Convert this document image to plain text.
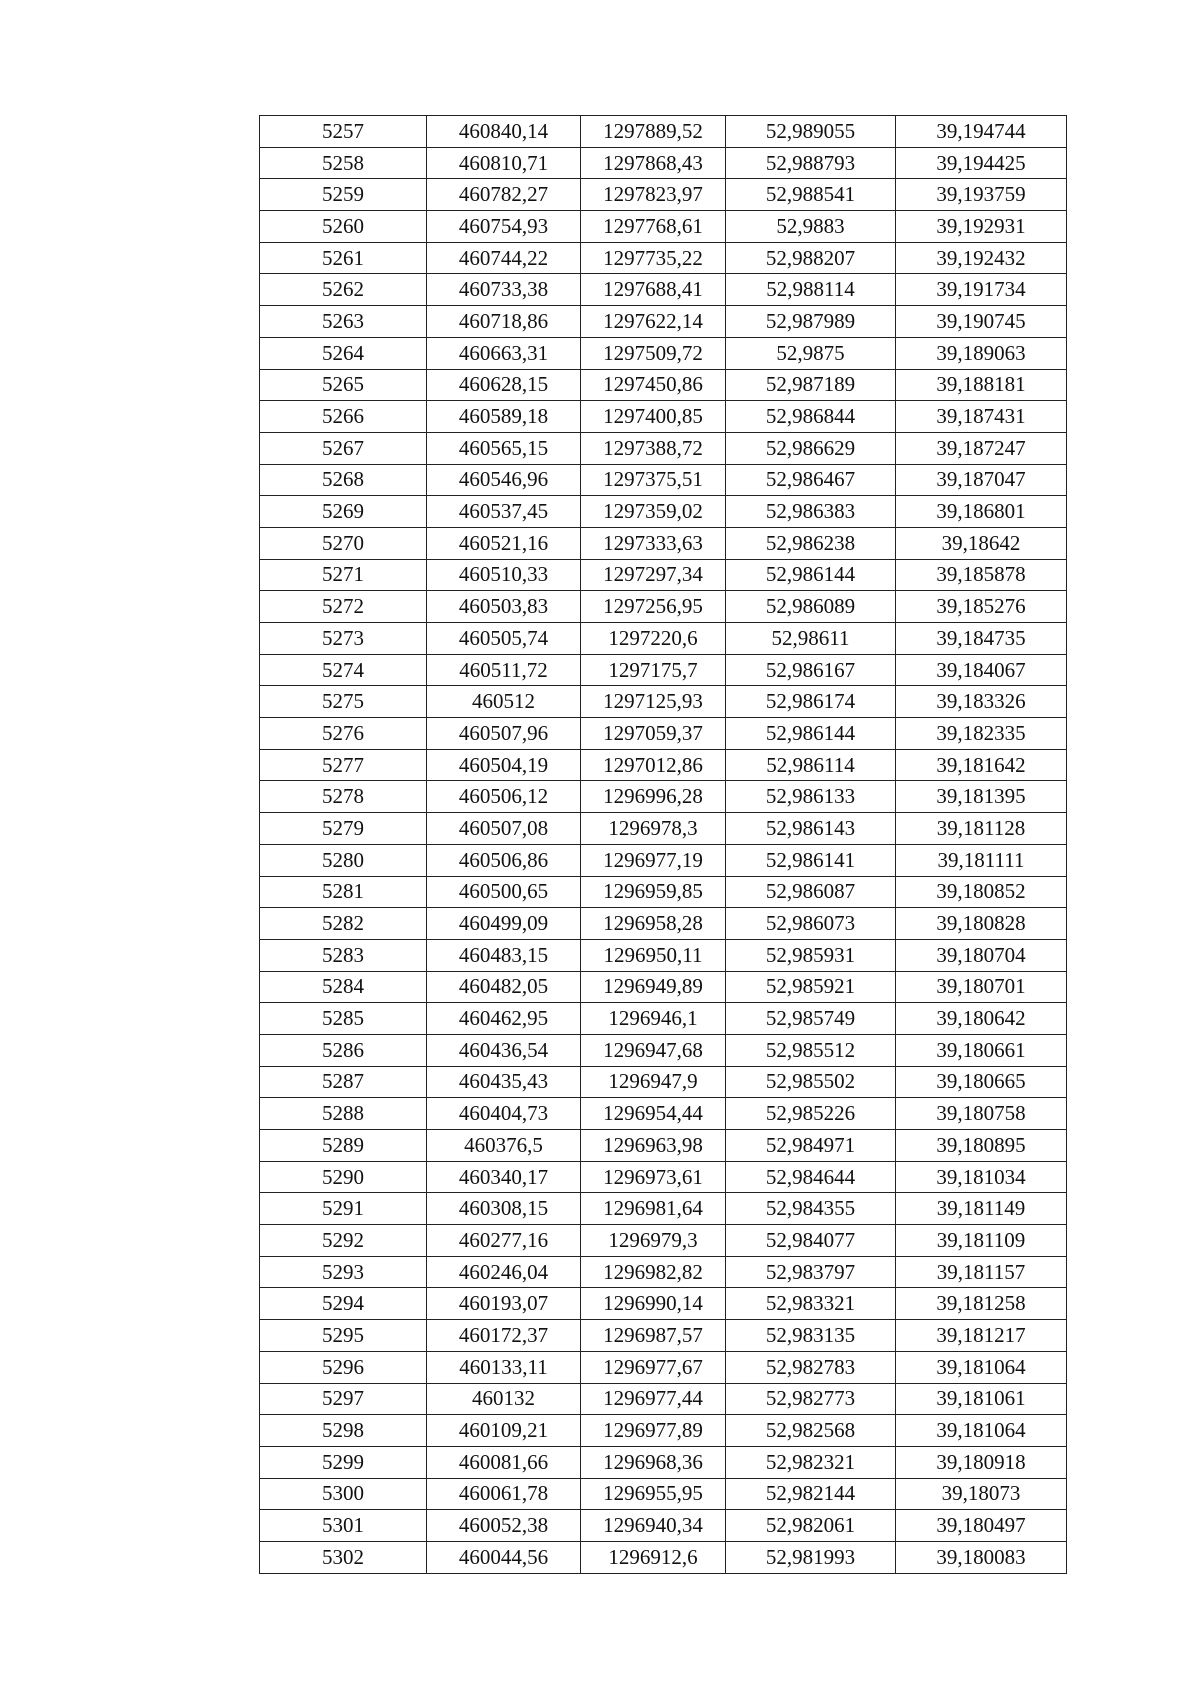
5257	460840,14	1297889,52	52,989055	39,194744
5258	460810,71	1297868,43	52,988793	39,194425
5259	460782,27	1297823,97	52,988541	39,193759
5260	460754,93	1297768,61	52,9883	39,192931
5261	460744,22	1297735,22	52,988207	39,192432
5262	460733,38	1297688,41	52,988114	39,191734
5263	460718,86	1297622,14	52,987989	39,190745
5264	460663,31	1297509,72	52,9875	39,189063
5265	460628,15	1297450,86	52,987189	39,188181
5266	460589,18	1297400,85	52,986844	39,187431
5267	460565,15	1297388,72	52,986629	39,187247
5268	460546,96	1297375,51	52,986467	39,187047
5269	460537,45	1297359,02	52,986383	39,186801
5270	460521,16	1297333,63	52,986238	39,18642
5271	460510,33	1297297,34	52,986144	39,185878
5272	460503,83	1297256,95	52,986089	39,185276
5273	460505,74	1297220,6	52,98611	39,184735
5274	460511,72	1297175,7	52,986167	39,184067
5275	460512	1297125,93	52,986174	39,183326
5276	460507,96	1297059,37	52,986144	39,182335
5277	460504,19	1297012,86	52,986114	39,181642
5278	460506,12	1296996,28	52,986133	39,181395
5279	460507,08	1296978,3	52,986143	39,181128
5280	460506,86	1296977,19	52,986141	39,181111
5281	460500,65	1296959,85	52,986087	39,180852
5282	460499,09	1296958,28	52,986073	39,180828
5283	460483,15	1296950,11	52,985931	39,180704
5284	460482,05	1296949,89	52,985921	39,180701
5285	460462,95	1296946,1	52,985749	39,180642
5286	460436,54	1296947,68	52,985512	39,180661
5287	460435,43	1296947,9	52,985502	39,180665
5288	460404,73	1296954,44	52,985226	39,180758
5289	460376,5	1296963,98	52,984971	39,180895
5290	460340,17	1296973,61	52,984644	39,181034
5291	460308,15	1296981,64	52,984355	39,181149
5292	460277,16	1296979,3	52,984077	39,181109
5293	460246,04	1296982,82	52,983797	39,181157
5294	460193,07	1296990,14	52,983321	39,181258
5295	460172,37	1296987,57	52,983135	39,181217
5296	460133,11	1296977,67	52,982783	39,181064
5297	460132	1296977,44	52,982773	39,181061
5298	460109,21	1296977,89	52,982568	39,181064
5299	460081,66	1296968,36	52,982321	39,180918
5300	460061,78	1296955,95	52,982144	39,18073
5301	460052,38	1296940,34	52,982061	39,180497
5302	460044,56	1296912,6	52,981993	39,180083
